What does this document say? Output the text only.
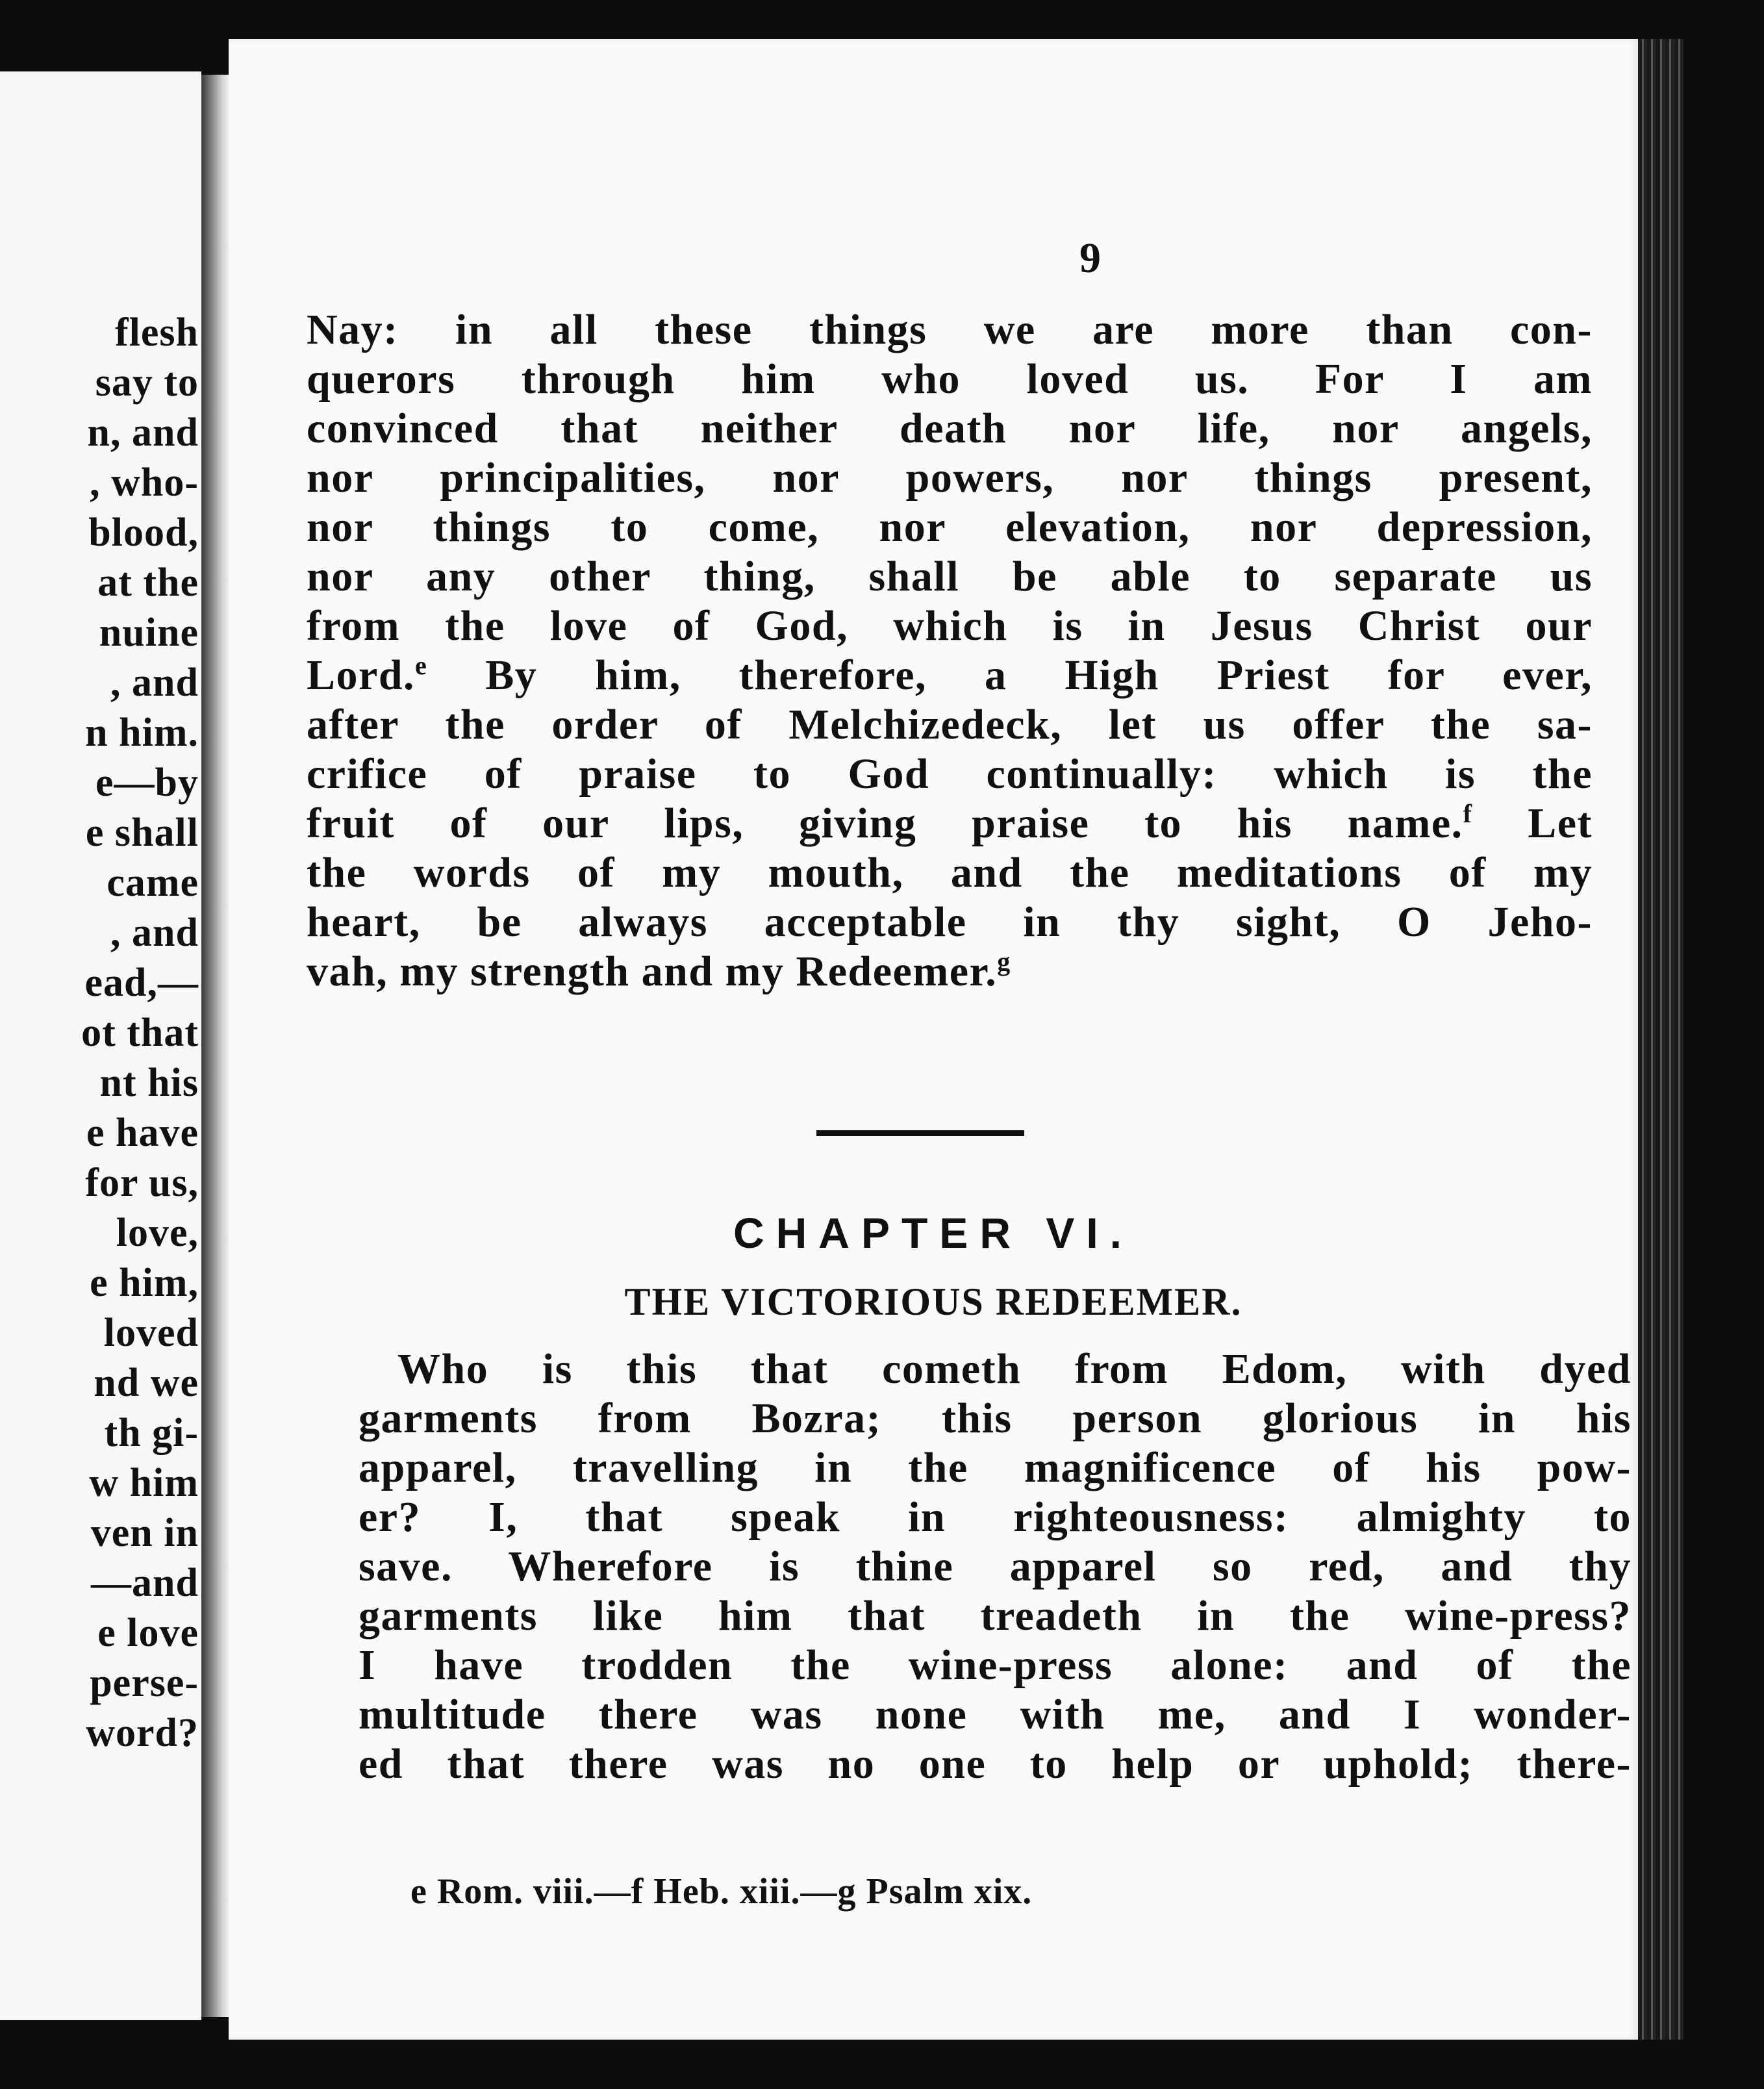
flesh
say to
n, and
, who-
blood,
at the
nuine
, and
n him.
e—by
e shall
came
, and
ead,—
ot that
nt his
e have
for us,
love,
e him,
loved
nd we
th gi-
w him
ven in
—and
e love
perse-
word?
9
Nay: in all these things we are more than con-
querors through him who loved us. For I am
convinced that neither death nor life, nor angels,
nor principalities, nor powers, nor things present,
nor things to come, nor elevation, nor depression,
nor any other thing, shall be able to separate us
from the love of God, which is in Jesus Christ our
Lord.$^e$ By him, therefore, a High Priest for ever,
after the order of Melchizedeck, let us offer the sa-
crifice of praise to God continually: which is the
fruit of our lips, giving praise to his name.$^f$ Let
the words of my mouth, and the meditations of my
heart, be always acceptable in thy sight, O Jeho-
vah, my strength and my Redeemer.$^g$
CHAPTER VI.
THE VICTORIOUS REDEEMER.
Who is this that cometh from Edom, with dyed
garments from Bozra; this person glorious in his
apparel, travelling in the magnificence of his pow-
er? I, that speak in righteousness: almighty to
save. Wherefore is thine apparel so red, and thy
garments like him that treadeth in the wine-press?
I have trodden the wine-press alone: and of the
multitude there was none with me, and I wonder-
ed that there was no one to help or uphold; there-
e Rom. viii.—f Heb. xiii.—g Psalm xix.
